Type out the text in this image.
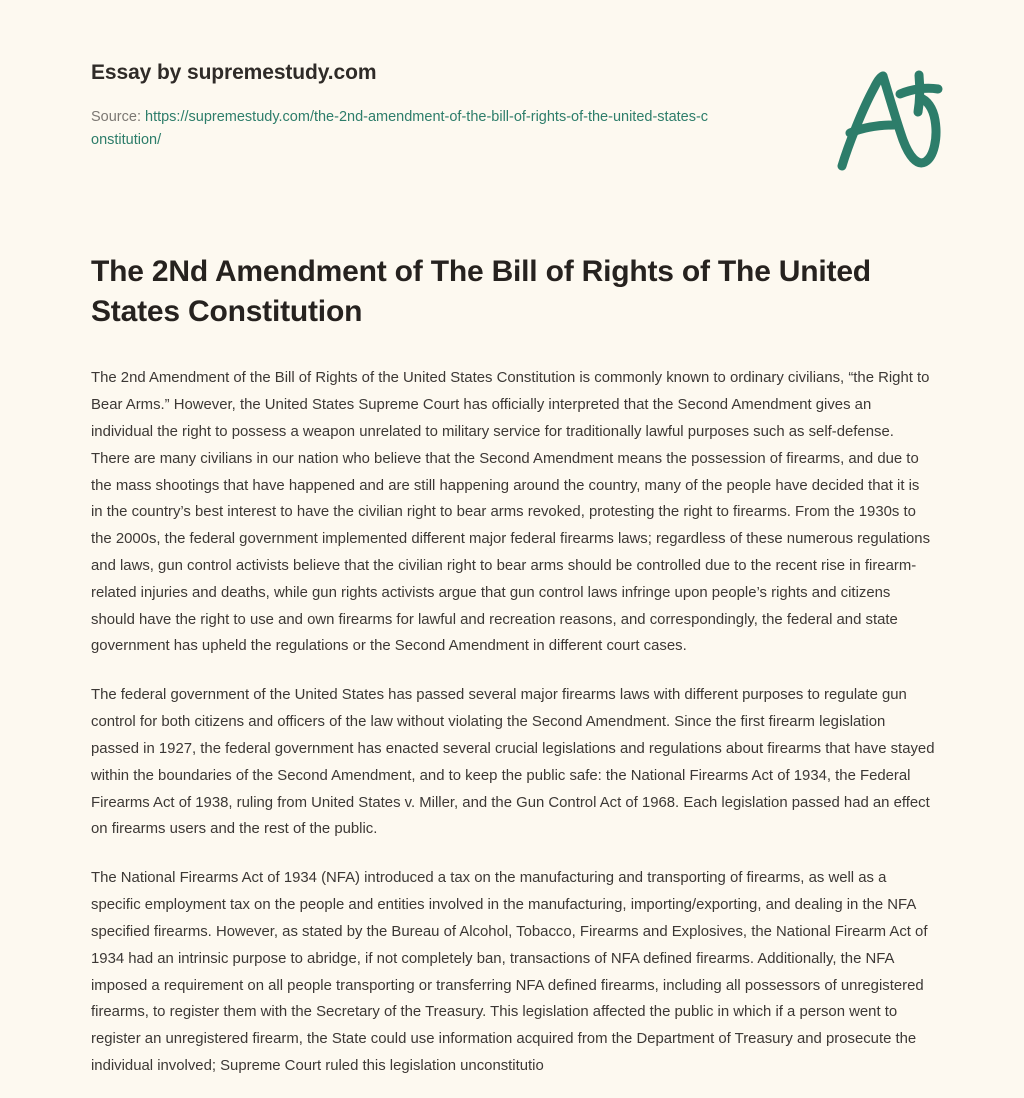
Essay by supremestudy.com
Source: https://supremestudy.com/the-2nd-amendment-of-the-bill-of-rights-of-the-united-states-constitution/
The 2Nd Amendment of The Bill of Rights of The United States Constitution

The 2nd Amendment of the Bill of Rights of the United States Constitution is commonly known to ordinary civilians, “the Right to Bear Arms.” However, the United States Supreme Court has officially interpreted that the Second Amendment gives an individual the right to possess a weapon unrelated to military service for traditionally lawful purposes such as self-defense. There are many civilians in our nation who believe that the Second Amendment means the possession of firearms, and due to the mass shootings that have happened and are still happening around the country, many of the people have decided that it is in the country’s best interest to have the civilian right to bear arms revoked, protesting the right to firearms. From the 1930s to the 2000s, the federal government implemented different major federal firearms laws; regardless of these numerous regulations and laws, gun control activists believe that the civilian right to bear arms should be controlled due to the recent rise in firearm-related injuries and deaths, while gun rights activists argue that gun control laws infringe upon people’s rights and citizens should have the right to use and own firearms for lawful and recreation reasons, and correspondingly, the federal and state government has upheld the regulations or the Second Amendment in different court cases.

The federal government of the United States has passed several major firearms laws with different purposes to regulate gun control for both citizens and officers of the law without violating the Second Amendment. Since the first firearm legislation passed in 1927, the federal government has enacted several crucial legislations and regulations about firearms that have stayed within the boundaries of the Second Amendment, and to keep the public safe: the National Firearms Act of 1934, the Federal Firearms Act of 1938, ruling from United States v. Miller, and the Gun Control Act of 1968. Each legislation passed had an effect on firearms users and the rest of the public.

The National Firearms Act of 1934 (NFA) introduced a tax on the manufacturing and transporting of firearms, as well as a specific employment tax on the people and entities involved in the manufacturing, importing/exporting, and dealing in the NFA specified firearms. However, as stated by the Bureau of Alcohol, Tobacco, Firearms and Explosives, the National Firearm Act of 1934 had an intrinsic purpose to abridge, if not completely ban, transactions of NFA defined firearms. Additionally, the NFA imposed a requirement on all people transporting or transferring NFA defined firearms, including all possessors of unregistered firearms, to register them with the Secretary of the Treasury. This legislation affected the public in which if a person went to register an unregistered firearm, the State could use information acquired from the Department of Treasury and prosecute the individual involved; Supreme Court ruled this legislation unconstitutio
